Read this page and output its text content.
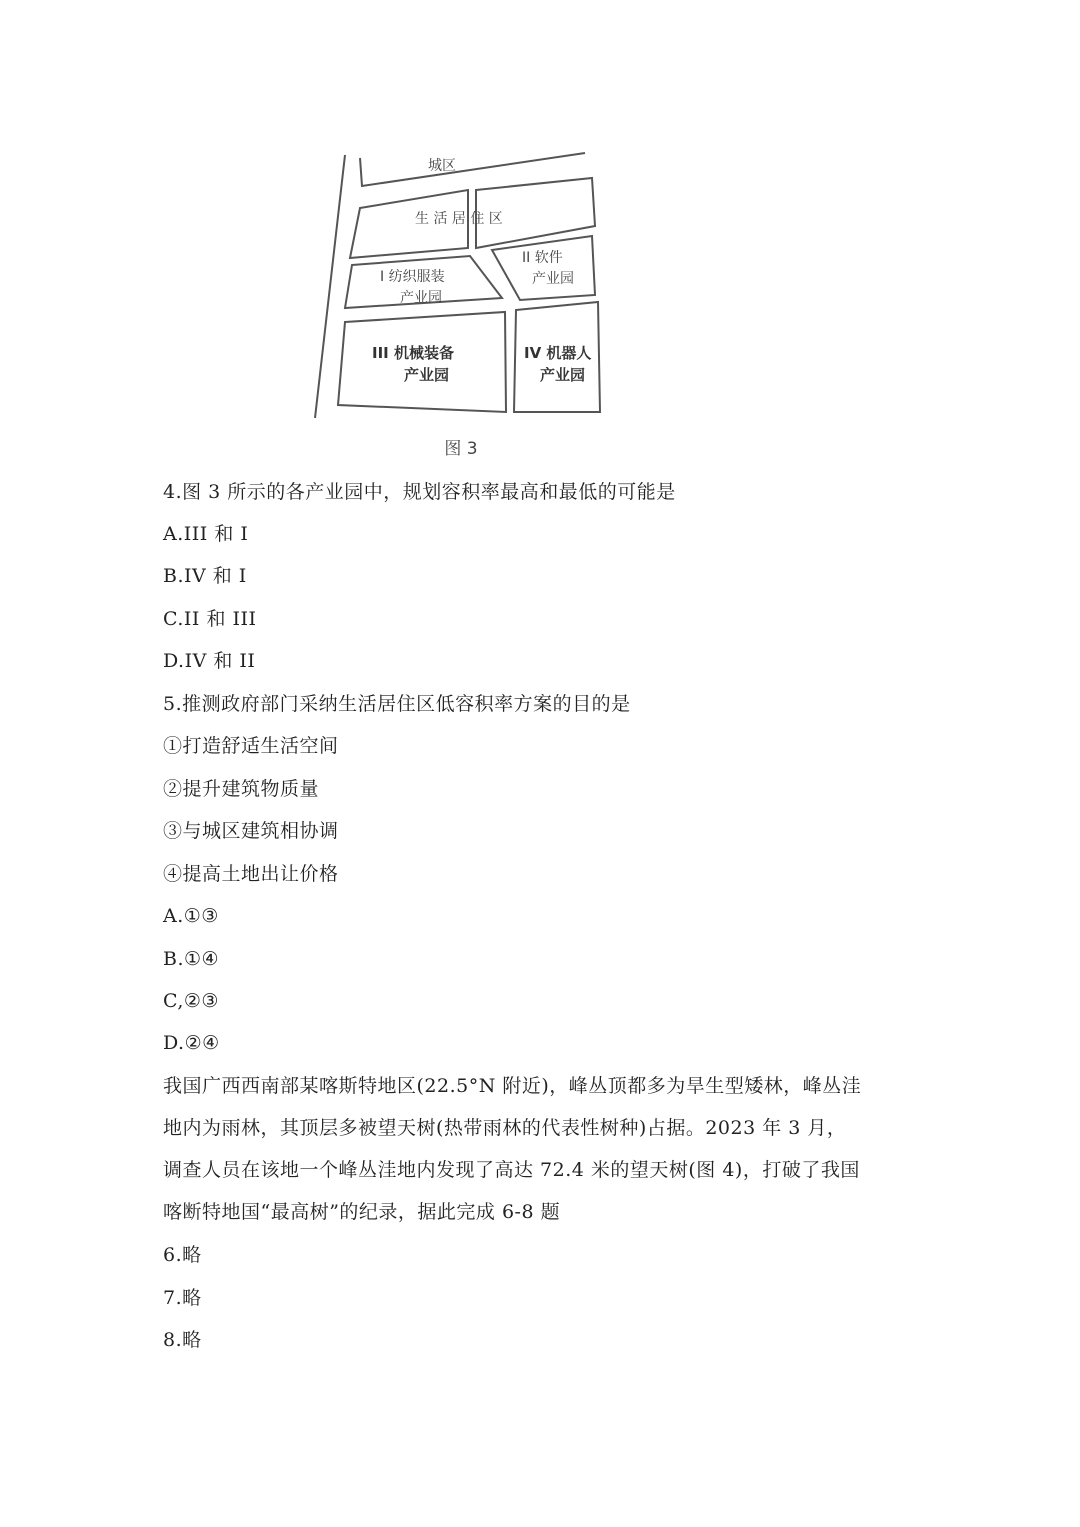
城区
生 活 居 住 区
I 纺织服装
产业园
II 软件
产业园
III 机械装备
产业园
IV 机器人
产业园
图 3
4.图 3 所示的各产业园中，规划容积率最高和最低的可能是
A.III 和 I
B.IV 和 I
C.II 和 III
D.IV 和 II
5.推测政府部门采纳生活居住区低容积率方案的目的是
①打造舒适生活空间
②提升建筑物质量
③与城区建筑相协调
④提高土地出让价格
A.①③
B.①④
C,②③
D.②④
我国广西西南部某喀斯特地区(22.5°N 附近)，峰丛顶都多为旱生型矮林，峰丛洼
地内为雨林，其顶层多被望天树(热带雨林的代表性树种)占据。2023 年 3 月，
调查人员在该地一个峰丛洼地内发现了高达 72.4 米的望天树(图 4)，打破了我国
喀断特地国“最高树”的纪录，据此完成 6-8 题
6.略
7.略
8.略
